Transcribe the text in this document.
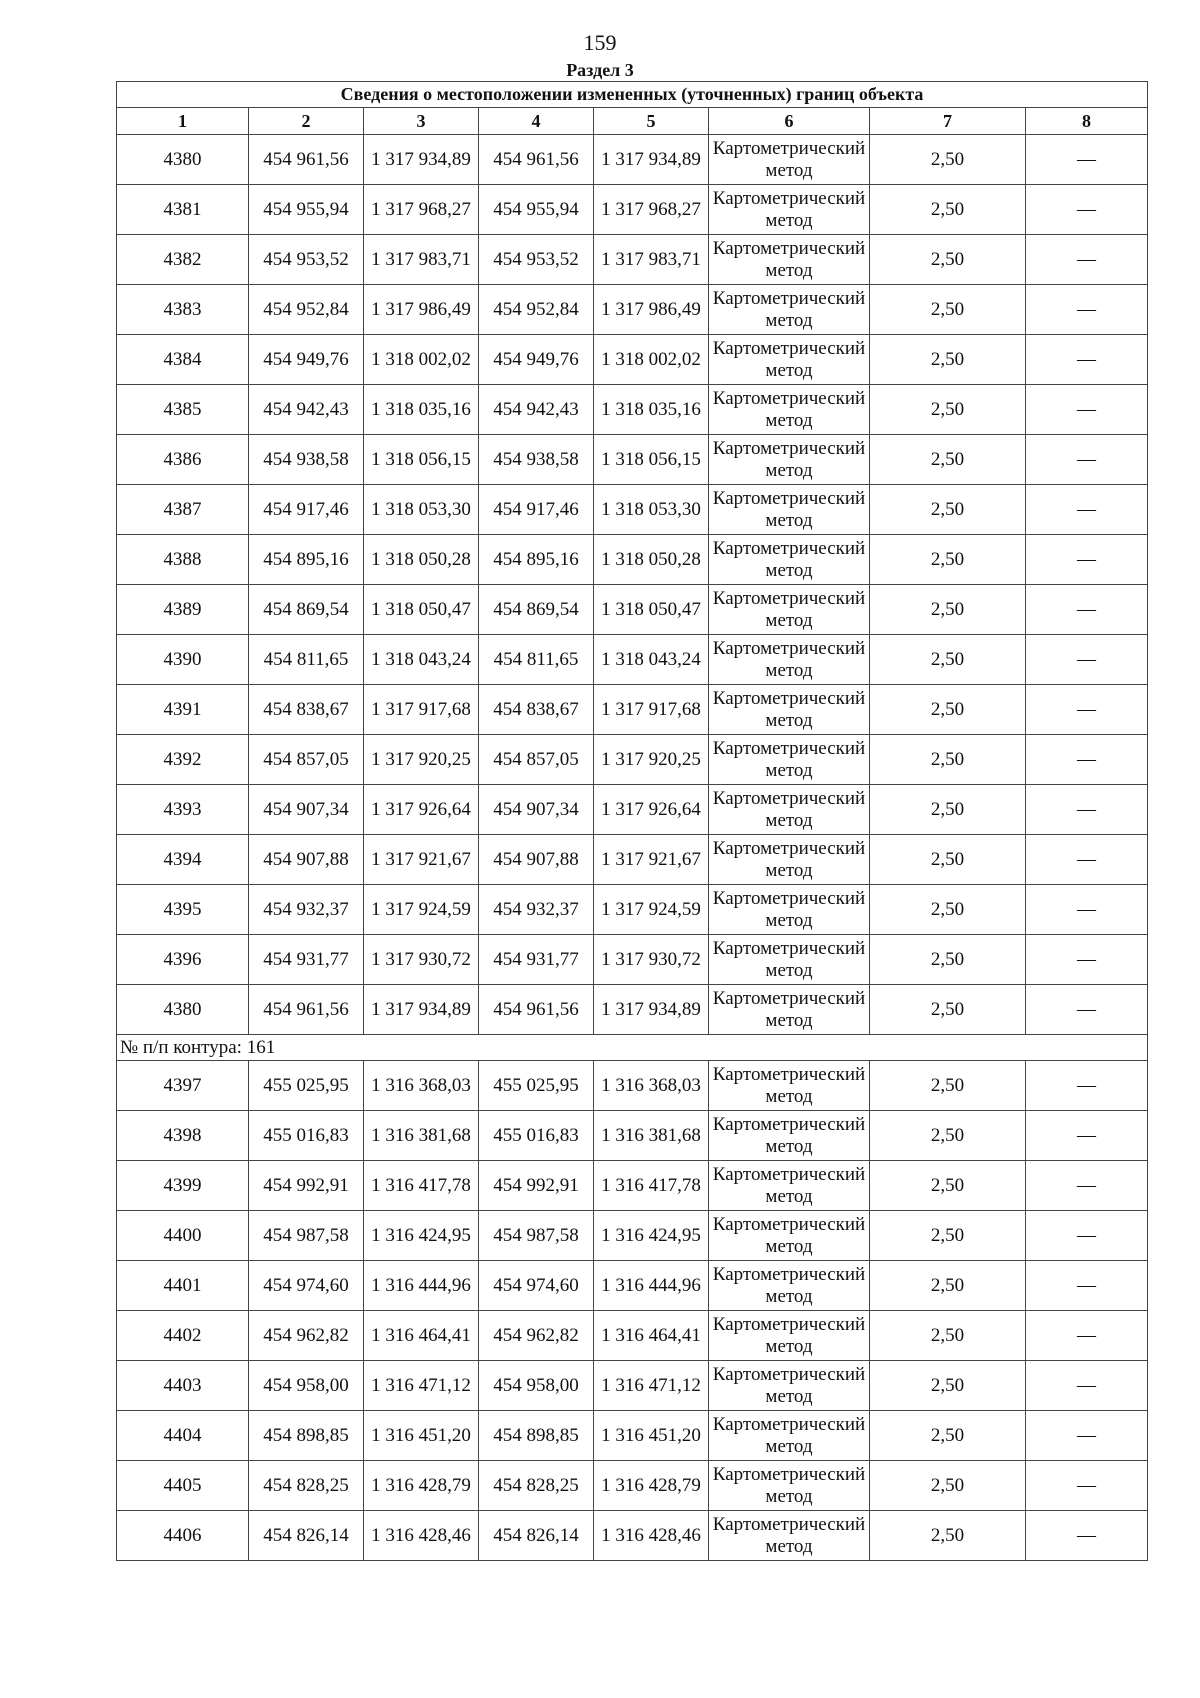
159
Раздел 3
Сведения о местоположении измененных (уточненных) границ объекта							
1	2	3	4	5	6	7	8
4380	454 961,56	1 317 934,89	454 961,56	1 317 934,89	Картометрический метод	2,50	—
4381	454 955,94	1 317 968,27	454 955,94	1 317 968,27	Картометрический метод	2,50	—
4382	454 953,52	1 317 983,71	454 953,52	1 317 983,71	Картометрический метод	2,50	—
4383	454 952,84	1 317 986,49	454 952,84	1 317 986,49	Картометрический метод	2,50	—
4384	454 949,76	1 318 002,02	454 949,76	1 318 002,02	Картометрический метод	2,50	—
4385	454 942,43	1 318 035,16	454 942,43	1 318 035,16	Картометрический метод	2,50	—
4386	454 938,58	1 318 056,15	454 938,58	1 318 056,15	Картометрический метод	2,50	—
4387	454 917,46	1 318 053,30	454 917,46	1 318 053,30	Картометрический метод	2,50	—
4388	454 895,16	1 318 050,28	454 895,16	1 318 050,28	Картометрический метод	2,50	—
4389	454 869,54	1 318 050,47	454 869,54	1 318 050,47	Картометрический метод	2,50	—
4390	454 811,65	1 318 043,24	454 811,65	1 318 043,24	Картометрический метод	2,50	—
4391	454 838,67	1 317 917,68	454 838,67	1 317 917,68	Картометрический метод	2,50	—
4392	454 857,05	1 317 920,25	454 857,05	1 317 920,25	Картометрический метод	2,50	—
4393	454 907,34	1 317 926,64	454 907,34	1 317 926,64	Картометрический метод	2,50	—
4394	454 907,88	1 317 921,67	454 907,88	1 317 921,67	Картометрический метод	2,50	—
4395	454 932,37	1 317 924,59	454 932,37	1 317 924,59	Картометрический метод	2,50	—
4396	454 931,77	1 317 930,72	454 931,77	1 317 930,72	Картометрический метод	2,50	—
4380	454 961,56	1 317 934,89	454 961,56	1 317 934,89	Картометрический метод	2,50	—
№ п/п контура: 161							
4397	455 025,95	1 316 368,03	455 025,95	1 316 368,03	Картометрический метод	2,50	—
4398	455 016,83	1 316 381,68	455 016,83	1 316 381,68	Картометрический метод	2,50	—
4399	454 992,91	1 316 417,78	454 992,91	1 316 417,78	Картометрический метод	2,50	—
4400	454 987,58	1 316 424,95	454 987,58	1 316 424,95	Картометрический метод	2,50	—
4401	454 974,60	1 316 444,96	454 974,60	1 316 444,96	Картометрический метод	2,50	—
4402	454 962,82	1 316 464,41	454 962,82	1 316 464,41	Картометрический метод	2,50	—
4403	454 958,00	1 316 471,12	454 958,00	1 316 471,12	Картометрический метод	2,50	—
4404	454 898,85	1 316 451,20	454 898,85	1 316 451,20	Картометрический метод	2,50	—
4405	454 828,25	1 316 428,79	454 828,25	1 316 428,79	Картометрический метод	2,50	—
4406	454 826,14	1 316 428,46	454 826,14	1 316 428,46	Картометрический метод	2,50	—
